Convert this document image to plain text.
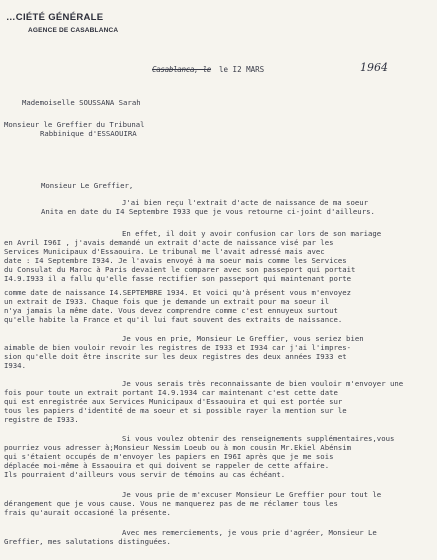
…CIÉTÉ GÉNÉRALE
AGENCE DE CASABLANCA
Casablanca, le le I2 MARS	1964
Mademoiselle SOUSSANA Sarah
Monsieur le Greffier du Tribunal
Rabbinique d'ESSAOUIRA
Monsieur Le Greffier,
J'ai bien reçu l'extrait d'acte de naissance de ma soeur
Anita en date du I4 Septembre I933 que je vous retourne ci-joint d'ailleurs.
En effet, il doit y avoir confusion car lors de son mariage
en Avril I96I , j'avais demandé un extrait d'acte de naissance visé par les
Services Municipaux d'Essaouira. Le tribunal me l'avait adressé mais avec
date : I4 Septembre I934. Je l'avais envoyé à ma soeur mais comme les Services
du Consulat du Maroc à Paris devaient le comparer avec son passeport qui portait
I4.9.I933 il a fallu qu'elle fasse rectifier son passeport qui maintenant porte
comme date de naissance I4.SEPTEMBRE 1934. Et voici qu'à présent vous m'envoyez
un extrait de I933. Chaque fois que je demande un extrait pour ma soeur il
n'ya jamais la même date. Vous devez comprendre comme c'est ennuyeux surtout
qu'elle habite la France et qu'il lui faut souvent des extraits de naissance.
Je vous en prie, Monsieur Le Greffier, vous seriez bien
aimable de bien vouloir revoir les registres de I933 et I934 car j'ai l'impres-
sion qu'elle doit être inscrite sur les deux registres des deux années I933 et
I934.
Je vous serais très reconnaissante de bien vouloir m'envoyer une
fois pour toute un extrait portant I4.9.1934 car maintenant c'est cette date
qui est enregistrée aux Services Municipaux d'Essaouira et qui est portée sur
tous les papiers d'identité de ma soeur et si possible rayer la mention sur le
registre de I933.
Si vous voulez obtenir des renseignements supplémentaires,vous
pourriez vous adresser à;Monsieur Nessim Loeub ou à mon cousin Mr.Ekiel Abénsim
qui s'étaient occupés de m'envoyer les papiers en I96I après que je me sois
déplacée moi-même à Essaouira et qui doivent se rappeler de cette affaire.
Ils pourraient d'ailleurs vous servir de témoins au cas échéant.
Je vous prie de m'excuser Monsieur Le Greffier pour tout le
dérangement que je vous cause. Vous ne manquerez pas de me réclamer tous les
frais qu'aurait occasioné la présente.
Avec mes remerciements, je vous prie d'agréer, Monsieur Le
Greffier, mes salutations distinguées.
